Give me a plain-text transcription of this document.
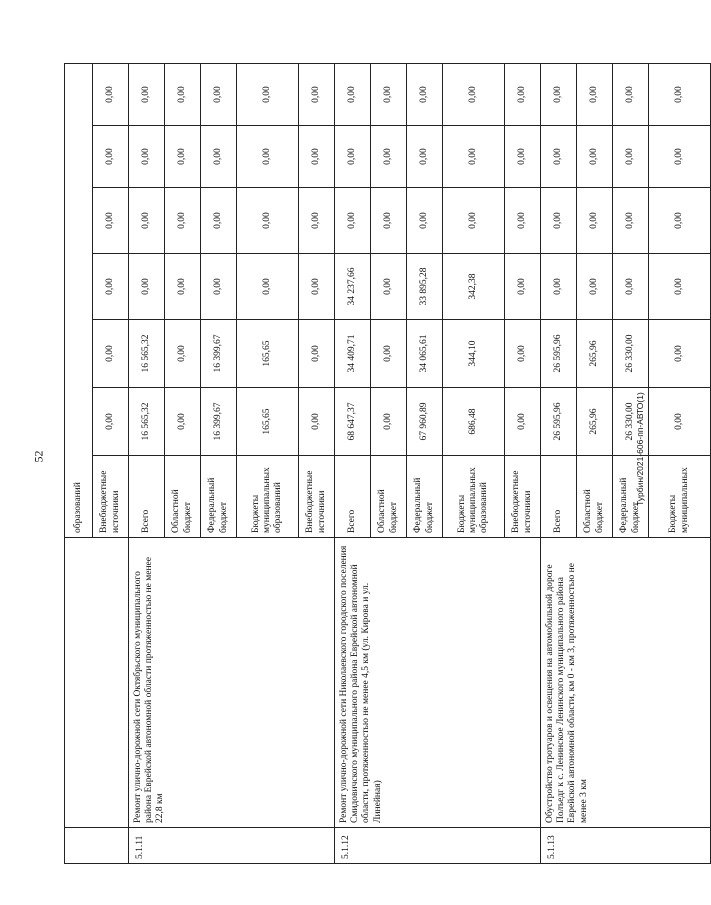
52
		образований						
		Внебюджетные источники	0,00	0,00	0,00	0,00	0,00	0,00
5.1.11	Ремонт улично-дорожной сети Октябрьского муниципального района Еврейской автономной области протяженностью не менее 22,8 км	Всего	16 565,32	16 565,32	0,00	0,00	0,00	0,00
		Областной бюджет	0,00	0,00	0,00	0,00	0,00	0,00
		Федеральный бюджет	16 399,67	16 399,67	0,00	0,00	0,00	0,00
		Бюджеты муниципальных образований	165,65	165,65	0,00	0,00	0,00	0,00
		Внебюджетные источники	0,00	0,00	0,00	0,00	0,00	0,00
5.1.12	Ремонт улично-дорожной сети Николаевского городского поселения Смидовичского муниципального района Еврейской автономной области, протяженностью не менее 4,5 км (ул. Кирова и ул. Линейная)	Всего	68 647,37	34 409,71	34 237,66	0,00	0,00	0,00
		Областной бюджет	0,00	0,00	0,00	0,00	0,00	0,00
		Федеральный бюджет	67 960,89	34 065,61	33 895,28	0,00	0,00	0,00
		Бюджеты муниципальных образований	686,48	344,10	342,38	0,00	0,00	0,00
		Внебюджетные источники	0,00	0,00	0,00	0,00	0,00	0,00
5.1.13	Обустройство тротуаров и освещения на автомобильной дороге Полъедг к с. Ленинское Ленинского муниципального района Еврейской автономной области, км 0 - км 3, протяженностью не менее 3 км	Всего	26 595,96	26 595,96	0,00	0,00	0,00	0,00
		Областной бюджет	265,96	265,96	0,00	0,00	0,00	0,00
		Федеральный бюджет	26 330,00	26 330,00	0,00	0,00	0,00	0,00
		Бюджеты муниципальных	0,00	0,00	0,00	0,00	0,00	0,00
Турбин/2021-606-пп-АВТО(1)
